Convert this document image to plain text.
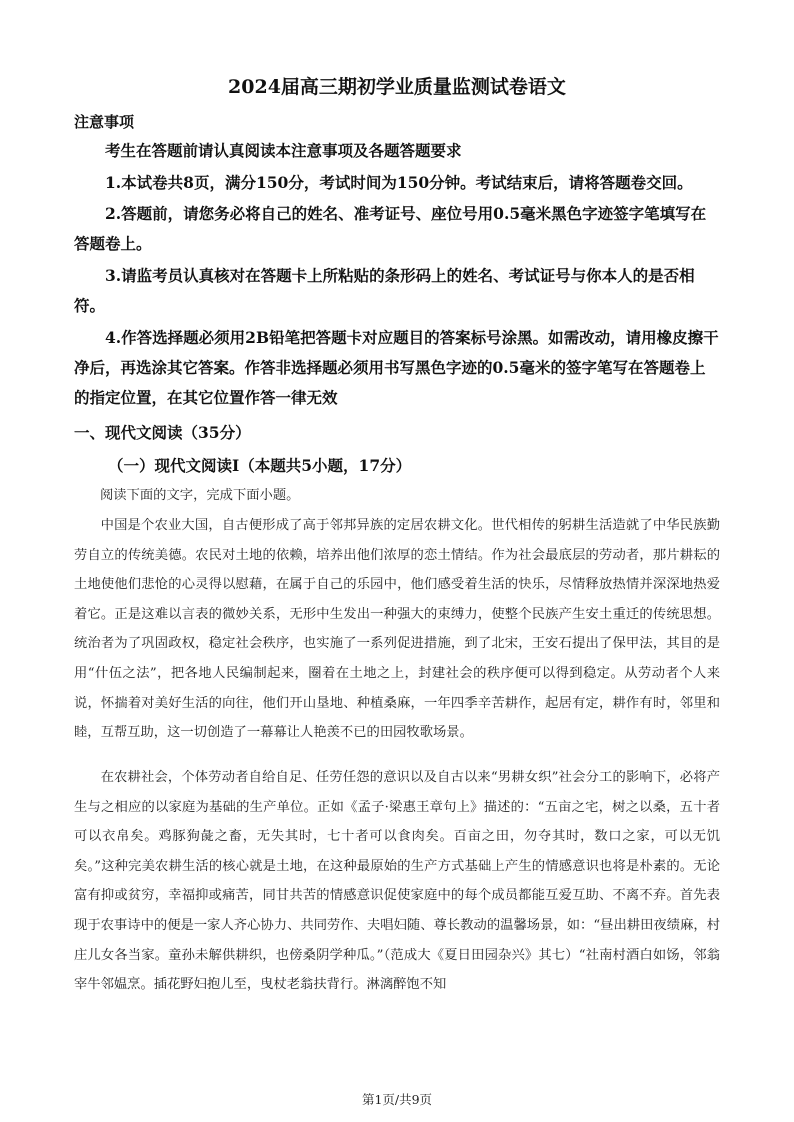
2024届高三期初学业质量监测试卷语文
注意事项
考生在答题前请认真阅读本注意事项及各题答题要求
1.本试卷共8页，满分150分，考试时间为150分钟。考试结束后，请将答题卷交回。
2.答题前，请您务必将自己的姓名、准考证号、座位号用0.5毫米黑色字迹签字笔填写在答题卷上。
3.请监考员认真核对在答题卡上所粘贴的条形码上的姓名、考试证号与你本人的是否相符。
4.作答选择题必须用2B铅笔把答题卡对应题目的答案标号涂黑。如需改动，请用橡皮擦干净后，再选涂其它答案。作答非选择题必须用书写黑色字迹的0.5毫米的签字笔写在答题卷上的指定位置，在其它位置作答一律无效
一、现代文阅读（35分）
（一）现代文阅读Ⅰ（本题共5小题，17分）
阅读下面的文字，完成下面小题。
中国是个农业大国，自古便形成了高于邻邦异族的定居农耕文化。世代相传的躬耕生活造就了中华民族勤劳自立的传统美德。农民对土地的依赖，培养出他们浓厚的恋土情结。作为社会最底层的劳动者，那片耕耘的土地使他们悲怆的心灵得以慰藉，在属于自己的乐园中，他们感受着生活的快乐，尽情释放热情并深深地热爱着它。正是这难以言表的微妙关系，无形中生发出一种强大的束缚力，使整个民族产生安土重迁的传统思想。统治者为了巩固政权，稳定社会秩序，也实施了一系列促进措施，到了北宋，王安石提出了保甲法，其目的是用“什伍之法”，把各地人民编制起来，圈着在土地之上，封建社会的秩序便可以得到稳定。从劳动者个人来说，怀揣着对美好生活的向往，他们开山垦地、种植桑麻，一年四季辛苦耕作，起居有定，耕作有时，邻里和睦，互帮互助，这一切创造了一幕幕让人艳羡不已的田园牧歌场景。
在农耕社会，个体劳动者自给自足、任劳任怨的意识以及自古以来“男耕女织”社会分工的影响下，必将产生与之相应的以家庭为基础的生产单位。正如《孟子·梁惠王章句上》描述的：“五亩之宅，树之以桑，五十者可以衣帛矣。鸡豚狗彘之畜，无失其时，七十者可以食肉矣。百亩之田，勿夺其时，数口之家，可以无饥矣。”这种完美农耕生活的核心就是土地，在这种最原始的生产方式基础上产生的情感意识也将是朴素的。无论富有抑或贫穷，幸福抑或痛苦，同甘共苦的情感意识促使家庭中的每个成员都能互爱互助、不离不弃。首先表现于农事诗中的便是一家人齐心协力、共同劳作、夫唱妇随、尊长教动的温馨场景，如：“昼出耕田夜绩麻，村庄儿女各当家。童孙未解供耕织，也傍桑阴学种瓜。”（范成大《夏日田园杂兴》其七）“社南村酒白如饧，邻翁宰牛邻媪烹。插花野妇抱儿至，曳杖老翁扶背行。淋漓醉饱不知
第1页/共9页
